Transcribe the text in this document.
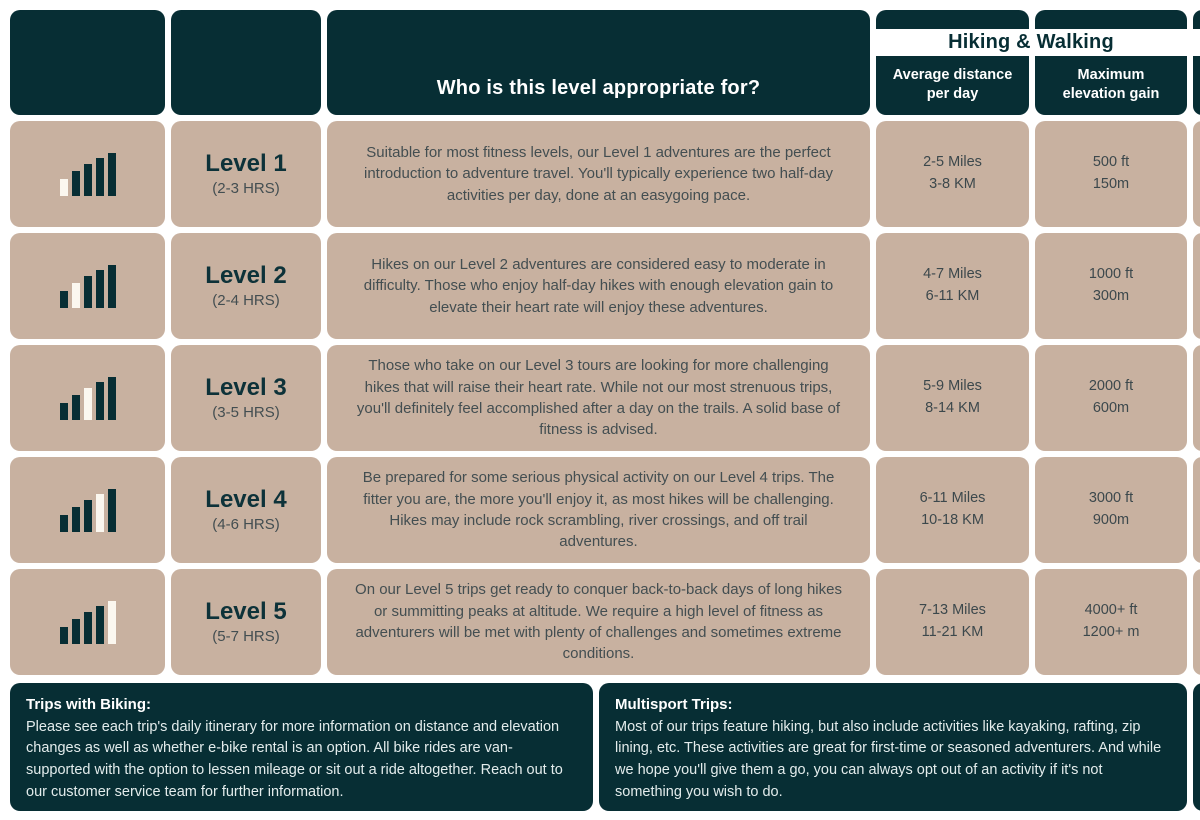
Hiking & Walking

Who is this level appropriate for?

Average distance per day

Maximum elevation gain

Level 1

(2-3 HRS)

Suitable for most fitness levels, our Level 1 adventures are the perfect introduction to adventure travel. You'll typically experience two half-day activities per day, done at an easygoing pace.

2-5 Miles

3-8 KM

500 ft

150m

Level 2

(2-4 HRS)

Hikes on our Level 2 adventures are considered easy to moderate in difficulty. Those who enjoy half-day hikes with enough elevation gain to elevate their heart rate will enjoy these adventures.

4-7 Miles

6-11 KM

1000 ft

300m

Level 3

(3-5 HRS)

Those who take on our Level 3 tours are looking for more challenging hikes that will raise their heart rate. While not our most strenuous trips, you'll definitely feel accomplished after a day on the trails. A solid base of fitness is advised.

5-9 Miles

8-14 KM

2000 ft

600m

Level 4

(4-6 HRS)

Be prepared for some serious physical activity on our Level 4 trips. The fitter you are, the more you'll enjoy it, as most hikes will be challenging. Hikes may include rock scrambling, river crossings, and off trail adventures.

6-11 Miles

10-18 KM

3000 ft

900m

Level 5

(5-7 HRS)

On our Level 5 trips get ready to conquer back-to-back days of long hikes or summitting peaks at altitude. We require a high level of fitness as adventurers will be met with plenty of challenges and sometimes extreme conditions.

7-13 Miles

11-21 KM

4000+ ft

1200+ m

Trips with Biking:

Please see each trip's daily itinerary for more information on distance and elevation changes as well as whether e-bike rental is an option. All bike rides are van-supported with the option to lessen mileage or sit out a ride altogether. Reach out to our customer service team for further information.

Multisport Trips:

Most of our trips feature hiking, but also include activities like kayaking, rafting, zip lining, etc. These activities are great for first-time or seasoned adventurers. And while we hope you'll give them a go, you can always opt out of an activity if it's not something you wish to do.
